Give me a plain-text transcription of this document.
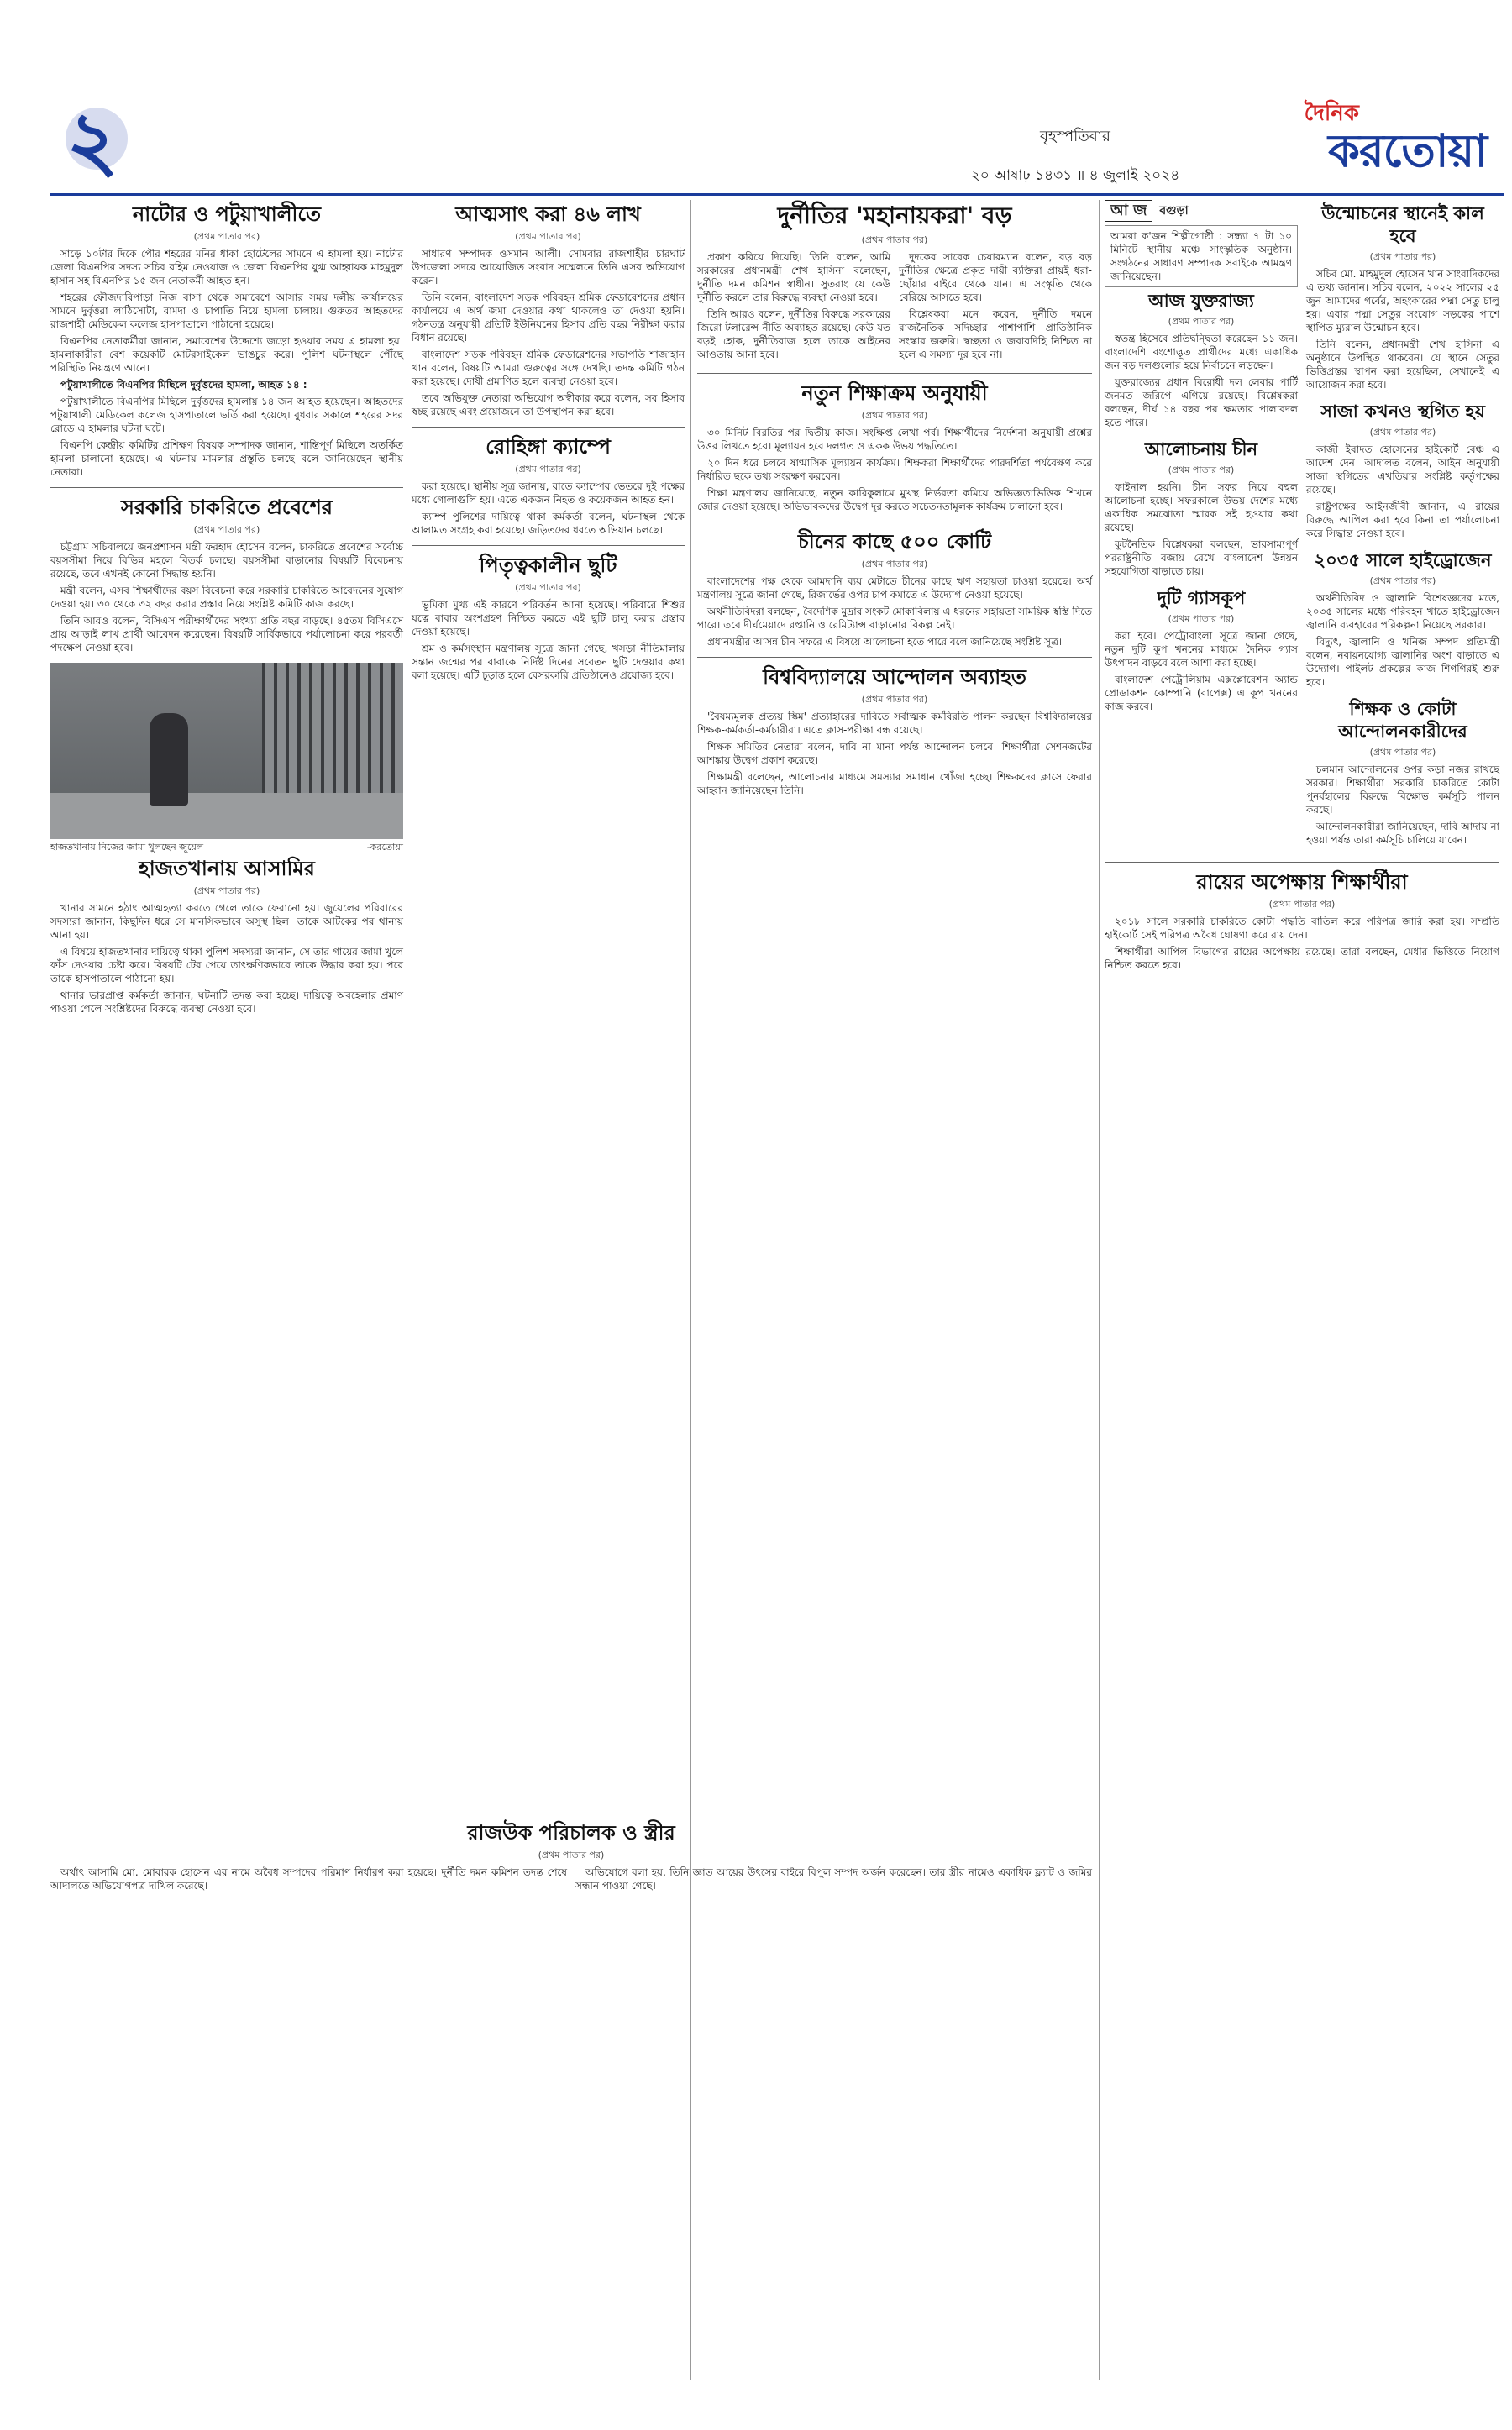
২	বৃহস্পতিবার
২০ আষাঢ় ১৪৩১ ॥ ৪ জুলাই ২০২৪
দৈনিক
করতোয়া
নাটোর ও পটুয়াখালীতে
(প্রথম পাতার পর)

সাড়ে ১০টার দিকে পৌর শহরের মনির ধাকা হোটেলের সামনে এ হামলা হয়। নাটোর জেলা বিএনপির সদস্য সচিব রহিম নেওয়াজ ও জেলা বিএনপির যুগ্ম আহ্বায়ক মাহমুদুল হাসান সহ বিএনপির ১৫ জন নেতাকর্মী আহত হন।

শহরের ফৌজদারিপাড়া নিজ বাসা থেকে সমাবেশে আসার সময় দলীয় কার্যালয়ের সামনে দুর্বৃত্তরা লাঠিসোটা, রামদা ও চাপাতি নিয়ে হামলা চালায়। গুরুতর আহতদের রাজশাহী মেডিকেল কলেজ হাসপাতালে পাঠানো হয়েছে।

বিএনপির নেতাকর্মীরা জানান, সমাবেশের উদ্দেশ্যে জড়ো হওয়ার সময় এ হামলা হয়। হামলাকারীরা বেশ কয়েকটি মোটরসাইকেল ভাঙচুর করে। পুলিশ ঘটনাস্থলে পৌঁছে পরিস্থিতি নিয়ন্ত্রণে আনে।

পটুয়াখালীতে বিএনপির মিছিলে দুর্বৃত্তদের হামলা, আহত ১৪ :

পটুয়াখালীতে বিএনপির মিছিলে দুর্বৃত্তদের হামলায় ১৪ জন আহত হয়েছেন। আহতদের পটুয়াখালী মেডিকেল কলেজ হাসপাতালে ভর্তি করা হয়েছে। বুধবার সকালে শহরের সদর রোডে এ হামলার ঘটনা ঘটে।

বিএনপি কেন্দ্রীয় কমিটির প্রশিক্ষণ বিষয়ক সম্পাদক জানান, শান্তিপূর্ণ মিছিলে অতর্কিত হামলা চালানো হয়েছে। এ ঘটনায় মামলার প্রস্তুতি চলছে বলে জানিয়েছেন স্থানীয় নেতারা।

সরকারি চাকরিতে প্রবেশের
(প্রথম পাতার পর)

চট্টগ্রাম সচিবালয়ে জনপ্রশাসন মন্ত্রী ফরহাদ হোসেন বলেন, চাকরিতে প্রবেশের সর্বোচ্চ বয়সসীমা নিয়ে বিভিন্ন মহলে বিতর্ক চলছে। বয়সসীমা বাড়ানোর বিষয়টি বিবেচনায় রয়েছে, তবে এখনই কোনো সিদ্ধান্ত হয়নি।

মন্ত্রী বলেন, এসব শিক্ষার্থীদের বয়স বিবেচনা করে সরকারি চাকরিতে আবেদনের সুযোগ দেওয়া হয়। ৩০ থেকে ৩২ বছর করার প্রস্তাব নিয়ে সংশ্লিষ্ট কমিটি কাজ করছে।

তিনি আরও বলেন, বিসিএস পরীক্ষার্থীদের সংখ্যা প্রতি বছর বাড়ছে। ৪৫তম বিসিএসে প্রায় আড়াই লাখ প্রার্থী আবেদন করেছেন। বিষয়টি সার্বিকভাবে পর্যালোচনা করে পরবর্তী পদক্ষেপ নেওয়া হবে।

হাজতখানায় নিজের জামা খুলছেন জুয়েল	-করতোয়া
হাজতখানায় আসামির
(প্রথম পাতার পর)

খানার সামনে হঠাৎ আত্মহত্যা করতে গেলে তাকে ফেরানো হয়। জুয়েলের পরিবারের সদস্যরা জানান, কিছুদিন ধরে সে মানসিকভাবে অসুস্থ ছিল। তাকে আটকের পর থানায় আনা হয়।

এ বিষয়ে হাজতখানার দায়িত্বে থাকা পুলিশ সদস্যরা জানান, সে তার গায়ের জামা খুলে ফাঁস দেওয়ার চেষ্টা করে। বিষয়টি টের পেয়ে তাৎক্ষণিকভাবে তাকে উদ্ধার করা হয়। পরে তাকে হাসপাতালে পাঠানো হয়।

থানার ভারপ্রাপ্ত কর্মকর্তা জানান, ঘটনাটি তদন্ত করা হচ্ছে। দায়িত্বে অবহেলার প্রমাণ পাওয়া গেলে সংশ্লিষ্টদের বিরুদ্ধে ব্যবস্থা নেওয়া হবে।

আত্মসাৎ করা ৪৬ লাখ
(প্রথম পাতার পর)

সাধারণ সম্পাদক ওসমান আলী। সোমবার রাজশাহীর চারঘাট উপজেলা সদরে আয়োজিত সংবাদ সম্মেলনে তিনি এসব অভিযোগ করেন।

তিনি বলেন, বাংলাদেশ সড়ক পরিবহন শ্রমিক ফেডারেশনের প্রধান কার্যালয়ে এ অর্থ জমা দেওয়ার কথা থাকলেও তা দেওয়া হয়নি। গঠনতন্ত্র অনুযায়ী প্রতিটি ইউনিয়নের হিসাব প্রতি বছর নিরীক্ষা করার বিধান রয়েছে।

বাংলাদেশ সড়ক পরিবহন শ্রমিক ফেডারেশনের সভাপতি শাজাহান খান বলেন, বিষয়টি আমরা গুরুত্বের সঙ্গে দেখছি। তদন্ত কমিটি গঠন করা হয়েছে। দোষী প্রমাণিত হলে ব্যবস্থা নেওয়া হবে।

তবে অভিযুক্ত নেতারা অভিযোগ অস্বীকার করে বলেন, সব হিসাব স্বচ্ছ রয়েছে এবং প্রয়োজনে তা উপস্থাপন করা হবে।

রোহিঙ্গা ক্যাম্পে
(প্রথম পাতার পর)

করা হয়েছে। স্থানীয় সূত্র জানায়, রাতে ক্যাম্পের ভেতরে দুই পক্ষের মধ্যে গোলাগুলি হয়। এতে একজন নিহত ও কয়েকজন আহত হন।

ক্যাম্প পুলিশের দায়িত্বে থাকা কর্মকর্তা বলেন, ঘটনাস্থল থেকে আলামত সংগ্রহ করা হয়েছে। জড়িতদের ধরতে অভিযান চলছে।

পিতৃত্বকালীন ছুটি
(প্রথম পাতার পর)

ভূমিকা মুখ্য এই কারণে পরিবর্তন আনা হয়েছে। পরিবারে শিশুর যত্নে বাবার অংশগ্রহণ নিশ্চিত করতে এই ছুটি চালু করার প্রস্তাব দেওয়া হয়েছে।

শ্রম ও কর্মসংস্থান মন্ত্রণালয় সূত্রে জানা গেছে, খসড়া নীতিমালায় সন্তান জন্মের পর বাবাকে নির্দিষ্ট দিনের সবেতন ছুটি দেওয়ার কথা বলা হয়েছে। এটি চূড়ান্ত হলে বেসরকারি প্রতিষ্ঠানেও প্রযোজ্য হবে।

দুর্নীতির 'মহানায়করা' বড়
(প্রথম পাতার পর)

প্রকাশ করিয়ে দিয়েছি। তিনি বলেন, আমি সরকারের প্রধানমন্ত্রী শেখ হাসিনা বলেছেন, দুর্নীতি দমন কমিশন স্বাধীন। সুতরাং যে কেউ দুর্নীতি করলে তার বিরুদ্ধে ব্যবস্থা নেওয়া হবে।

তিনি আরও বলেন, দুর্নীতির বিরুদ্ধে সরকারের জিরো টলারেন্স নীতি অব্যাহত রয়েছে। কেউ যত বড়ই হোক, দুর্নীতিবাজ হলে তাকে আইনের আওতায় আনা হবে।

দুদকের সাবেক চেয়ারম্যান বলেন, বড় বড় দুর্নীতির ক্ষেত্রে প্রকৃত দায়ী ব্যক্তিরা প্রায়ই ধরা-ছোঁয়ার বাইরে থেকে যান। এ সংস্কৃতি থেকে বেরিয়ে আসতে হবে।

বিশ্লেষকরা মনে করেন, দুর্নীতি দমনে রাজনৈতিক সদিচ্ছার পাশাপাশি প্রাতিষ্ঠানিক সংস্কার জরুরি। স্বচ্ছতা ও জবাবদিহি নিশ্চিত না হলে এ সমস্যা দূর হবে না।

নতুন শিক্ষাক্রম অনুযায়ী
(প্রথম পাতার পর)

৩০ মিনিট বিরতির পর দ্বিতীয় কাজ। সংক্ষিপ্ত লেখা পর্ব। শিক্ষার্থীদের নির্দেশনা অনুযায়ী প্রশ্নের উত্তর লিখতে হবে। মূল্যায়ন হবে দলগত ও একক উভয় পদ্ধতিতে।

২০ দিন ধরে চলবে ষাণ্মাসিক মূল্যায়ন কার্যক্রম। শিক্ষকরা শিক্ষার্থীদের পারদর্শিতা পর্যবেক্ষণ করে নির্ধারিত ছকে তথ্য সংরক্ষণ করবেন।

শিক্ষা মন্ত্রণালয় জানিয়েছে, নতুন কারিকুলামে মুখস্থ নির্ভরতা কমিয়ে অভিজ্ঞতাভিত্তিক শিখনে জোর দেওয়া হয়েছে। অভিভাবকদের উদ্বেগ দূর করতে সচেতনতামূলক কার্যক্রম চালানো হবে।

চীনের কাছে ৫০০ কোটি
(প্রথম পাতার পর)

বাংলাদেশের পক্ষ থেকে আমদানি ব্যয় মেটাতে চীনের কাছে ঋণ সহায়তা চাওয়া হয়েছে। অর্থ মন্ত্রণালয় সূত্রে জানা গেছে, রিজার্ভের ওপর চাপ কমাতে এ উদ্যোগ নেওয়া হয়েছে।

অর্থনীতিবিদরা বলছেন, বৈদেশিক মুদ্রার সংকট মোকাবিলায় এ ধরনের সহায়তা সাময়িক স্বস্তি দিতে পারে। তবে দীর্ঘমেয়াদে রপ্তানি ও রেমিট্যান্স বাড়ানোর বিকল্প নেই।

প্রধানমন্ত্রীর আসন্ন চীন সফরে এ বিষয়ে আলোচনা হতে পারে বলে জানিয়েছে সংশ্লিষ্ট সূত্র।

বিশ্ববিদ্যালয়ে আন্দোলন অব্যাহত
(প্রথম পাতার পর)

'বৈষম্যমূলক প্রত্যয় স্কিম' প্রত্যাহারের দাবিতে সর্বাত্মক কর্মবিরতি পালন করছেন বিশ্ববিদ্যালয়ের শিক্ষক-কর্মকর্তা-কর্মচারীরা। এতে ক্লাস-পরীক্ষা বন্ধ রয়েছে।

শিক্ষক সমিতির নেতারা বলেন, দাবি না মানা পর্যন্ত আন্দোলন চলবে। শিক্ষার্থীরা সেশনজটের আশঙ্কায় উদ্বেগ প্রকাশ করেছে।

শিক্ষামন্ত্রী বলেছেন, আলোচনার মাধ্যমে সমস্যার সমাধান খোঁজা হচ্ছে। শিক্ষকদের ক্লাসে ফেরার আহ্বান জানিয়েছেন তিনি।

আ জ	বগুড়া
আমরা ক'জন শিল্পীগোষ্ঠী : সন্ধ্যা ৭ টা ১০ মিনিটে স্থানীয় মঞ্চে সাংস্কৃতিক অনুষ্ঠান। সংগঠনের সাধারণ সম্পাদক সবাইকে আমন্ত্রণ জানিয়েছেন।
আজ যুক্তরাজ্য
(প্রথম পাতার পর)

স্বতন্ত্র হিসেবে প্রতিদ্বন্দ্বিতা করেছেন ১১ জন। বাংলাদেশি বংশোদ্ভূত প্রার্থীদের মধ্যে একাধিক জন বড় দলগুলোর হয়ে নির্বাচনে লড়ছেন।

যুক্তরাজ্যের প্রধান বিরোধী দল লেবার পার্টি জনমত জরিপে এগিয়ে রয়েছে। বিশ্লেষকরা বলছেন, দীর্ঘ ১৪ বছর পর ক্ষমতার পালাবদল হতে পারে।

আলোচনায় চীন
(প্রথম পাতার পর)

ফাইনাল হয়নি। চীন সফর নিয়ে বহুল আলোচনা হচ্ছে। সফরকালে উভয় দেশের মধ্যে একাধিক সমঝোতা স্মারক সই হওয়ার কথা রয়েছে।

কূটনৈতিক বিশ্লেষকরা বলছেন, ভারসাম্যপূর্ণ পররাষ্ট্রনীতি বজায় রেখে বাংলাদেশ উন্নয়ন সহযোগিতা বাড়াতে চায়।

দুটি গ্যাসকূপ
(প্রথম পাতার পর)

করা হবে। পেট্রোবাংলা সূত্রে জানা গেছে, নতুন দুটি কূপ খননের মাধ্যমে দৈনিক গ্যাস উৎপাদন বাড়বে বলে আশা করা হচ্ছে।

বাংলাদেশ পেট্রোলিয়াম এক্সপ্লোরেশন অ্যান্ড প্রোডাকশন কোম্পানি (বাপেক্স) এ কূপ খননের কাজ করবে।

উন্মোচনের স্থানেই কাল হবে
(প্রথম পাতার পর)

সচিব মো. মাহমুদুল হোসেন খান সাংবাদিকদের এ তথ্য জানান। সচিব বলেন, ২০২২ সালের ২৫ জুন আমাদের গর্বের, অহংকারের পদ্মা সেতু চালু হয়। এবার পদ্মা সেতুর সংযোগ সড়কের পাশে স্থাপিত ম্যুরাল উন্মোচন হবে।

তিনি বলেন, প্রধানমন্ত্রী শেখ হাসিনা এ অনুষ্ঠানে উপস্থিত থাকবেন। যে স্থানে সেতুর ভিত্তিপ্রস্তর স্থাপন করা হয়েছিল, সেখানেই এ আয়োজন করা হবে।

সাজা কখনও স্থগিত হয়
(প্রথম পাতার পর)

কাজী ইবাদত হোসেনের হাইকোর্ট বেঞ্চ এ আদেশ দেন। আদালত বলেন, আইন অনুযায়ী সাজা স্থগিতের এখতিয়ার সংশ্লিষ্ট কর্তৃপক্ষের রয়েছে।

রাষ্ট্রপক্ষের আইনজীবী জানান, এ রায়ের বিরুদ্ধে আপিল করা হবে কিনা তা পর্যালোচনা করে সিদ্ধান্ত নেওয়া হবে।

২০৩৫ সালে হাইড্রোজেন
(প্রথম পাতার পর)

অর্থনীতিবিদ ও জ্বালানি বিশেষজ্ঞদের মতে, ২০৩৫ সালের মধ্যে পরিবহন খাতে হাইড্রোজেন জ্বালানি ব্যবহারের পরিকল্পনা নিয়েছে সরকার।

বিদ্যুৎ, জ্বালানি ও খনিজ সম্পদ প্রতিমন্ত্রী বলেন, নবায়নযোগ্য জ্বালানির অংশ বাড়াতে এ উদ্যোগ। পাইলট প্রকল্পের কাজ শিগগিরই শুরু হবে।

শিক্ষক ও কোটা আন্দোলনকারীদের
(প্রথম পাতার পর)

চলমান আন্দোলনের ওপর কড়া নজর রাখছে সরকার। শিক্ষার্থীরা সরকারি চাকরিতে কোটা পুনর্বহালের বিরুদ্ধে বিক্ষোভ কর্মসূচি পালন করছে।

আন্দোলনকারীরা জানিয়েছেন, দাবি আদায় না হওয়া পর্যন্ত তারা কর্মসূচি চালিয়ে যাবেন।

রায়ের অপেক্ষায় শিক্ষার্থীরা
(প্রথম পাতার পর)

২০১৮ সালে সরকারি চাকরিতে কোটা পদ্ধতি বাতিল করে পরিপত্র জারি করা হয়। সম্প্রতি হাইকোর্ট সেই পরিপত্র অবৈধ ঘোষণা করে রায় দেন।

শিক্ষার্থীরা আপিল বিভাগের রায়ের অপেক্ষায় রয়েছে। তারা বলছেন, মেধার ভিত্তিতে নিয়োগ নিশ্চিত করতে হবে।

রাজউক পরিচালক ও স্ত্রীর
(প্রথম পাতার পর)

অর্থাৎ আসামি মো. মোবারক হোসেন এর নামে অবৈধ সম্পদের পরিমাণ নির্ধারণ করা হয়েছে। দুর্নীতি দমন কমিশন তদন্ত শেষে আদালতে অভিযোগপত্র দাখিল করেছে।

অভিযোগে বলা হয়, তিনি জ্ঞাত আয়ের উৎসের বাইরে বিপুল সম্পদ অর্জন করেছেন। তার স্ত্রীর নামেও একাধিক ফ্ল্যাট ও জমির সন্ধান পাওয়া গেছে।
